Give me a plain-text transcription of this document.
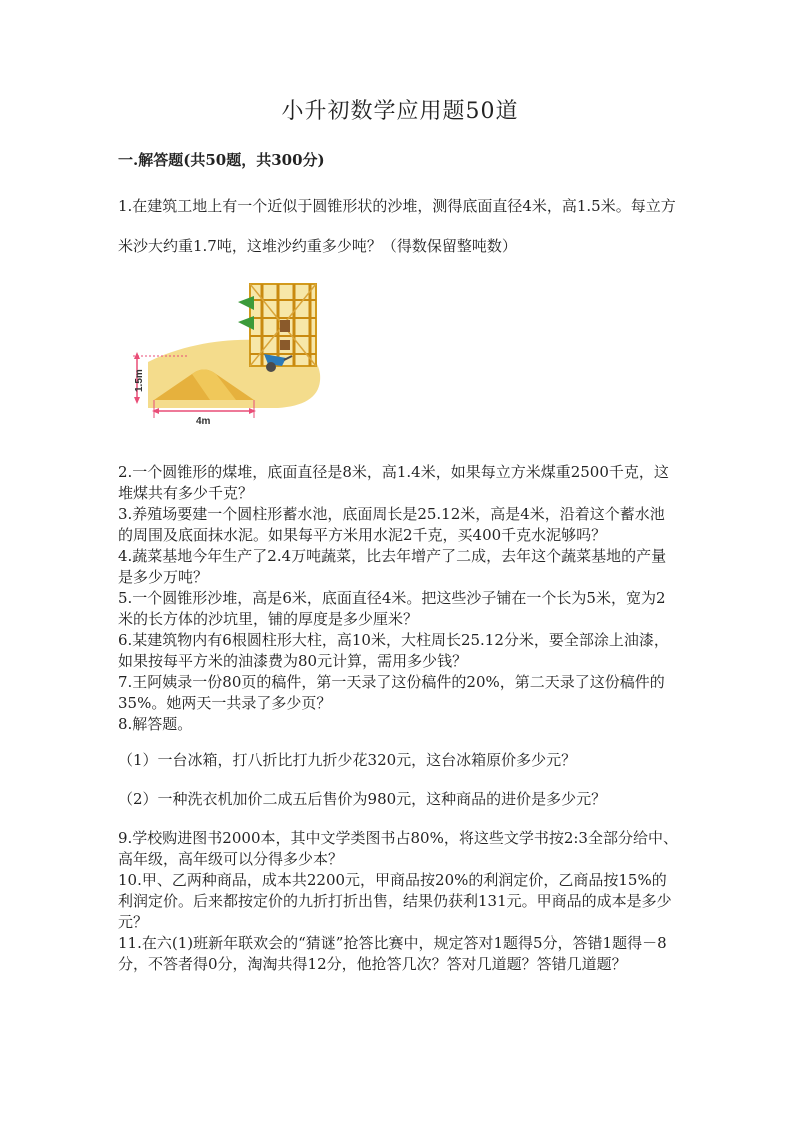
小升初数学应用题50道
一.解答题(共50题，共300分)
1.在建筑工地上有一个近似于圆锥形状的沙堆，测得底面直径4米，高1.5米。每立方米沙大约重1.7吨，这堆沙约重多少吨？（得数保留整吨数）
1.5m
4m

2.一个圆锥形的煤堆，底面直径是8米，高1.4米，如果每立方米煤重2500千克，这堆煤共有多少千克？

3.养殖场要建一个圆柱形蓄水池，底面周长是25.12米，高是4米，沿着这个蓄水池的周围及底面抹水泥。如果每平方米用水泥2千克，买400千克水泥够吗？

4.蔬菜基地今年生产了2.4万吨蔬菜，比去年增产了二成，去年这个蔬菜基地的产量是多少万吨？

5.一个圆锥形沙堆，高是6米，底面直径4米。把这些沙子铺在一个长为5米，宽为2米的长方体的沙坑里，铺的厚度是多少厘米？

6.某建筑物内有6根圆柱形大柱，高10米，大柱周长25.12分米，要全部涂上油漆，如果按每平方米的油漆费为80元计算，需用多少钱？

7.王阿姨录一份80页的稿件，第一天录了这份稿件的20%，第二天录了这份稿件的35%。她两天一共录了多少页？

8.解答题。

（1）一台冰箱，打八折比打九折少花320元，这台冰箱原价多少元？

（2）一种洗衣机加价二成五后售价为980元，这种商品的进价是多少元？

9.学校购进图书2000本，其中文学类图书占80%，将这些文学书按2:3全部分给中、高年级，高年级可以分得多少本？

10.甲、乙两种商品，成本共2200元，甲商品按20%的利润定价，乙商品按15%的利润定价。后来都按定价的九折打折出售，结果仍获利131元。甲商品的成本是多少元？

11.在六(1)班新年联欢会的“猜谜”抢答比赛中，规定答对1题得5分，答错1题得－8分，不答者得0分，淘淘共得12分，他抢答几次？答对几道题？答错几道题？
